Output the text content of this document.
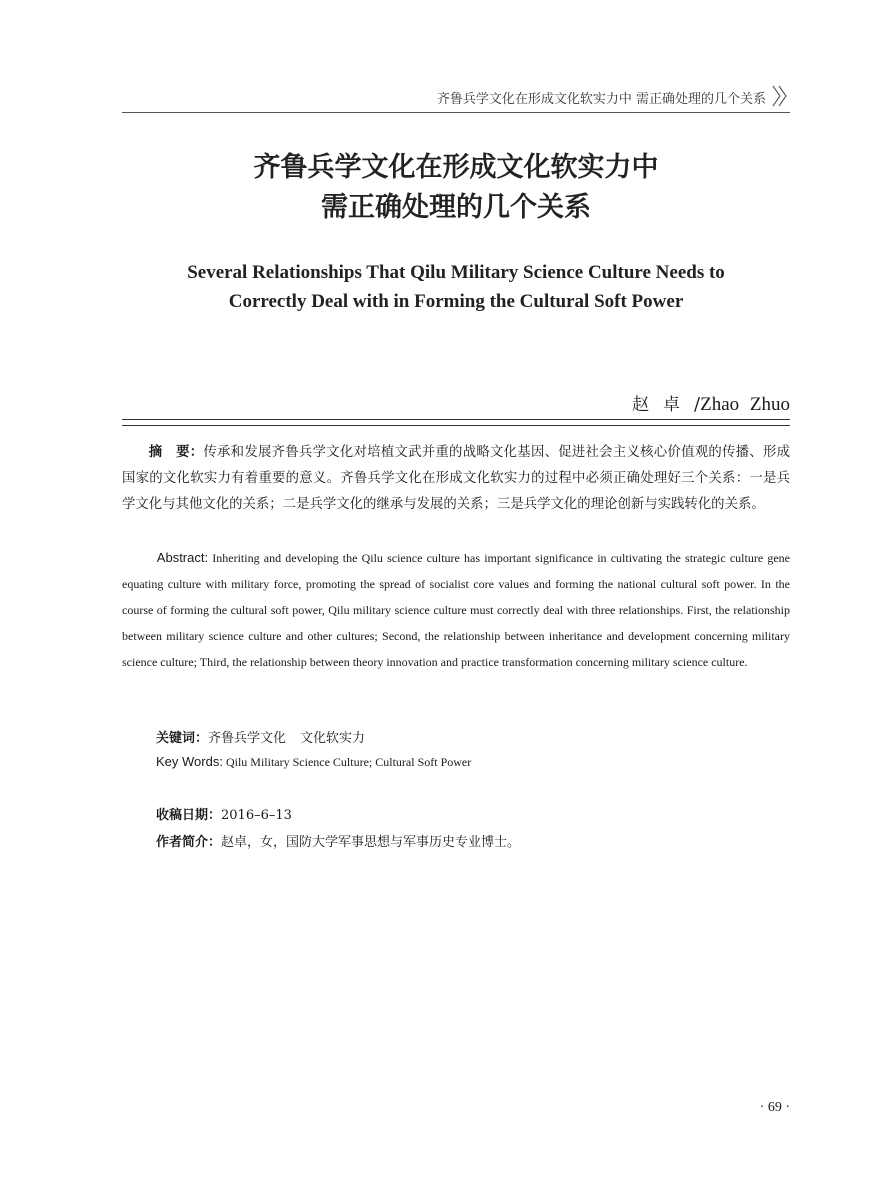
齐鲁兵学文化在形成文化软实力中 需正确处理的几个关系
齐鲁兵学文化在形成文化软实力中
需正确处理的几个关系
Several Relationships That Qilu Military Science Culture Needs to
Correctly Deal with in Forming the Cultural Soft Power
赵卓/Zhao Zhuo
摘　要：传承和发展齐鲁兵学文化对培植文武并重的战略文化基因、促进社会主义核心价值观的传播、形成国家的文化软实力有着重要的意义。齐鲁兵学文化在形成文化软实力的过程中必须正确处理好三个关系：一是兵学文化与其他文化的关系；二是兵学文化的继承与发展的关系；三是兵学文化的理论创新与实践转化的关系。
Abstract: Inheriting and developing the Qilu science culture has important significance in cultivating the strategic culture gene equating culture with military force, promoting the spread of socialist core values and forming the national cultural soft power. In the course of forming the cultural soft power, Qilu military science culture must correctly deal with three relationships. First, the relationship between military science culture and other cultures; Second, the relationship between inheritance and development concerning military science culture; Third, the relationship between theory innovation and practice transformation concerning military science culture.
关键词：齐鲁兵学文化 文化软实力
Key Words: Qilu Military Science Culture; Cultural Soft Power
收稿日期：2016–6–13
作者简介：赵卓，女，国防大学军事思想与军事历史专业博士。
· 69 ·
